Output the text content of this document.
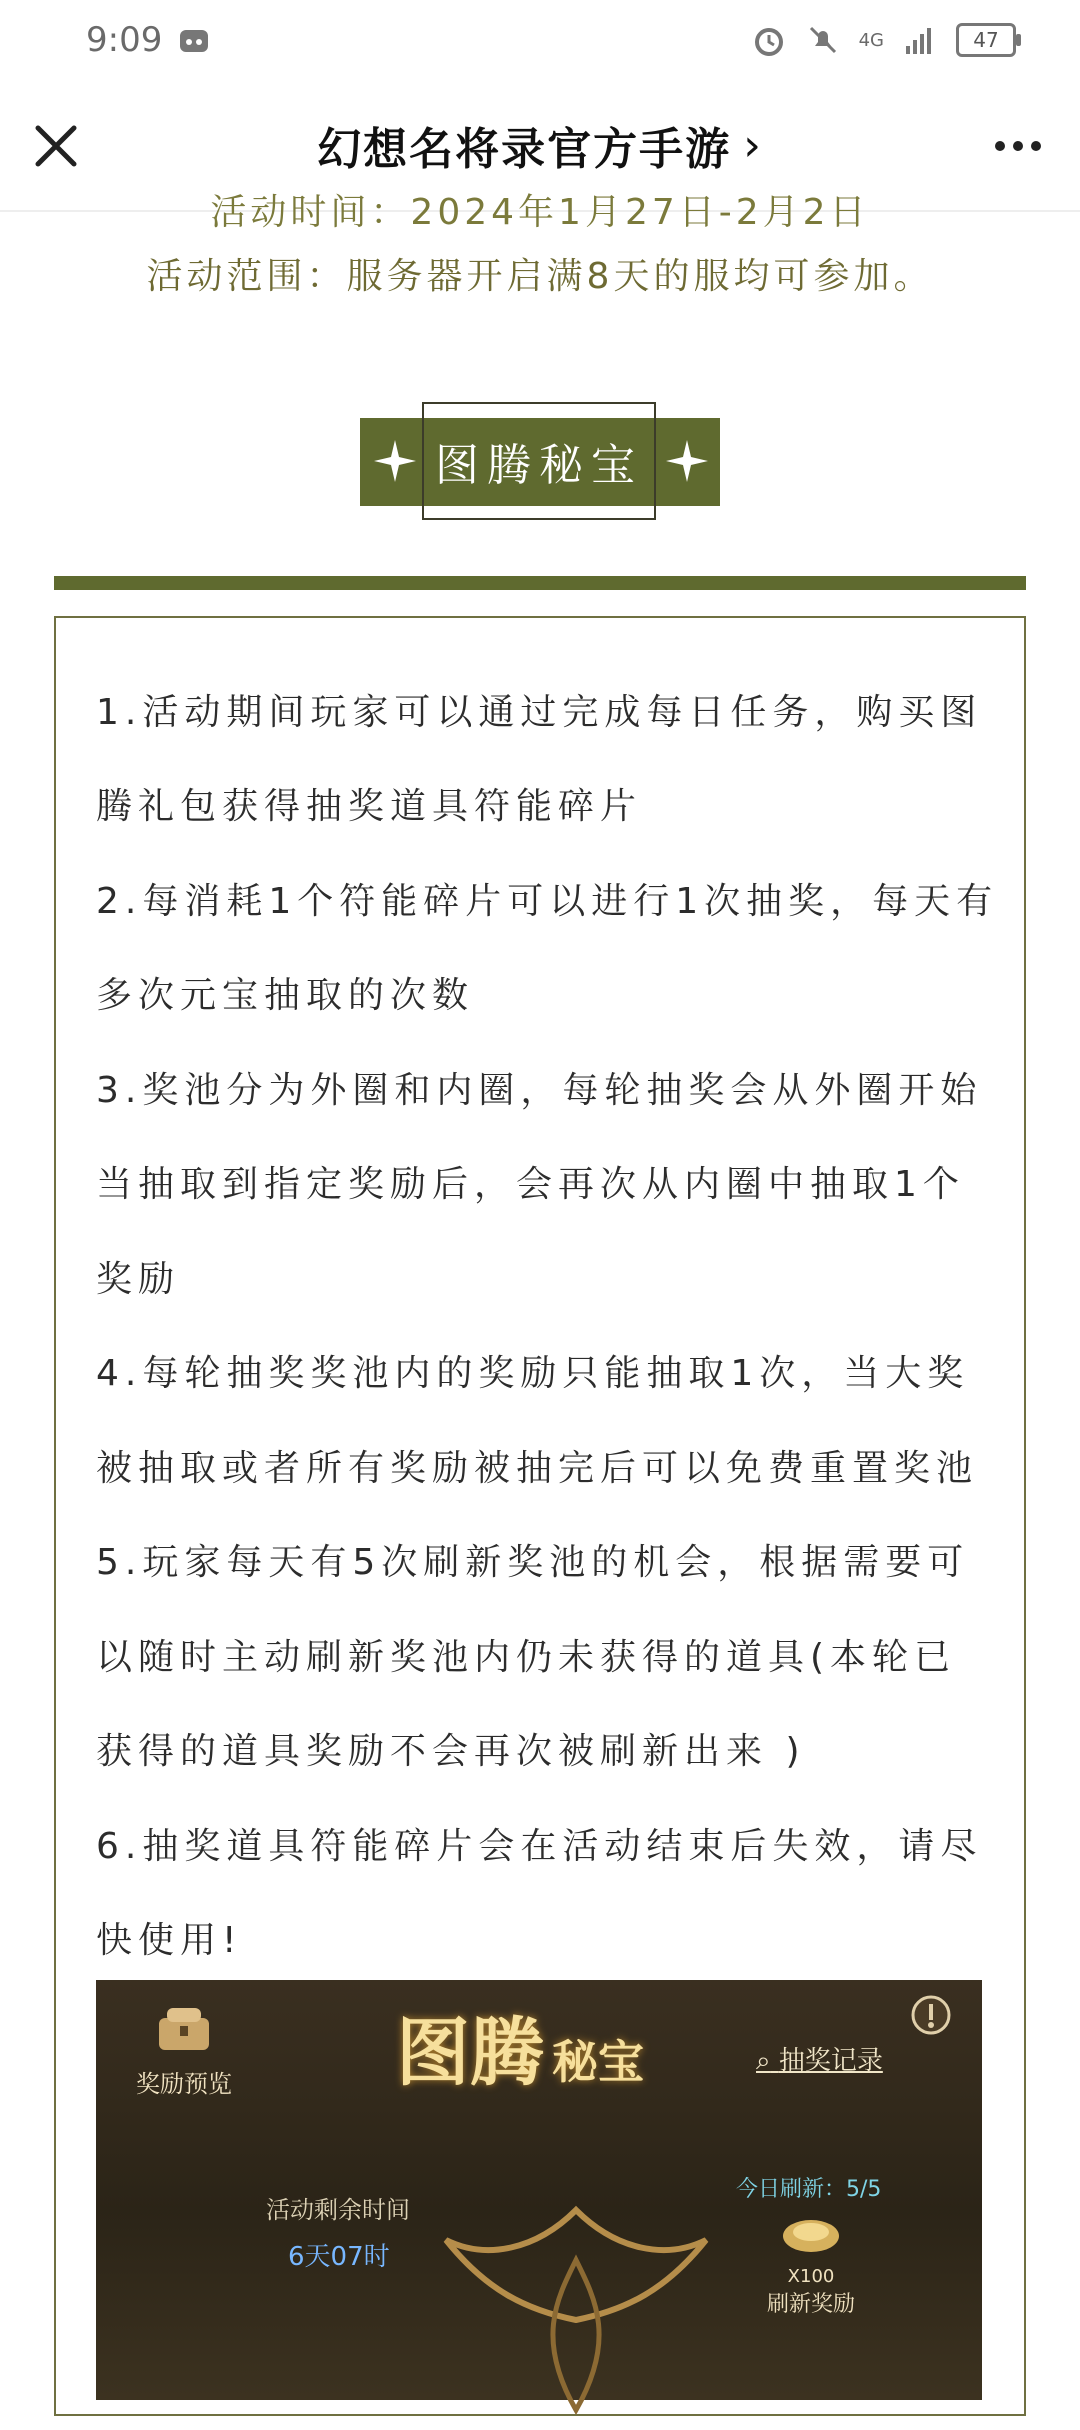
9:09	4G	47
幻想名将录官方手游 ›
活动时间：2024年1月27日-2月2日
活动范围：服务器开启满8天的服均可参加。
图腾秘宝
1.活动期间玩家可以通过完成每日任务，购买图
腾礼包获得抽奖道具符能碎片
2.每消耗1个符能碎片可以进行1次抽奖，每天有
多次元宝抽取的次数
3.奖池分为外圈和内圈，每轮抽奖会从外圈开始
当抽取到指定奖励后，会再次从内圈中抽取1个
奖励
4.每轮抽奖奖池内的奖励只能抽取1次，当大奖
被抽取或者所有奖励被抽完后可以免费重置奖池
5.玩家每天有5次刷新奖池的机会，根据需要可
以随时主动刷新奖池内仍未获得的道具(本轮已
获得的道具奖励不会再次被刷新出来 )
6.抽奖道具符能碎片会在活动结束后失效，请尽
快使用!
奖励预览 图腾 秘宝	⌕ 抽奖记录
活动剩余时间
6天07时
今日刷新：5/5
X100
刷新奖励
